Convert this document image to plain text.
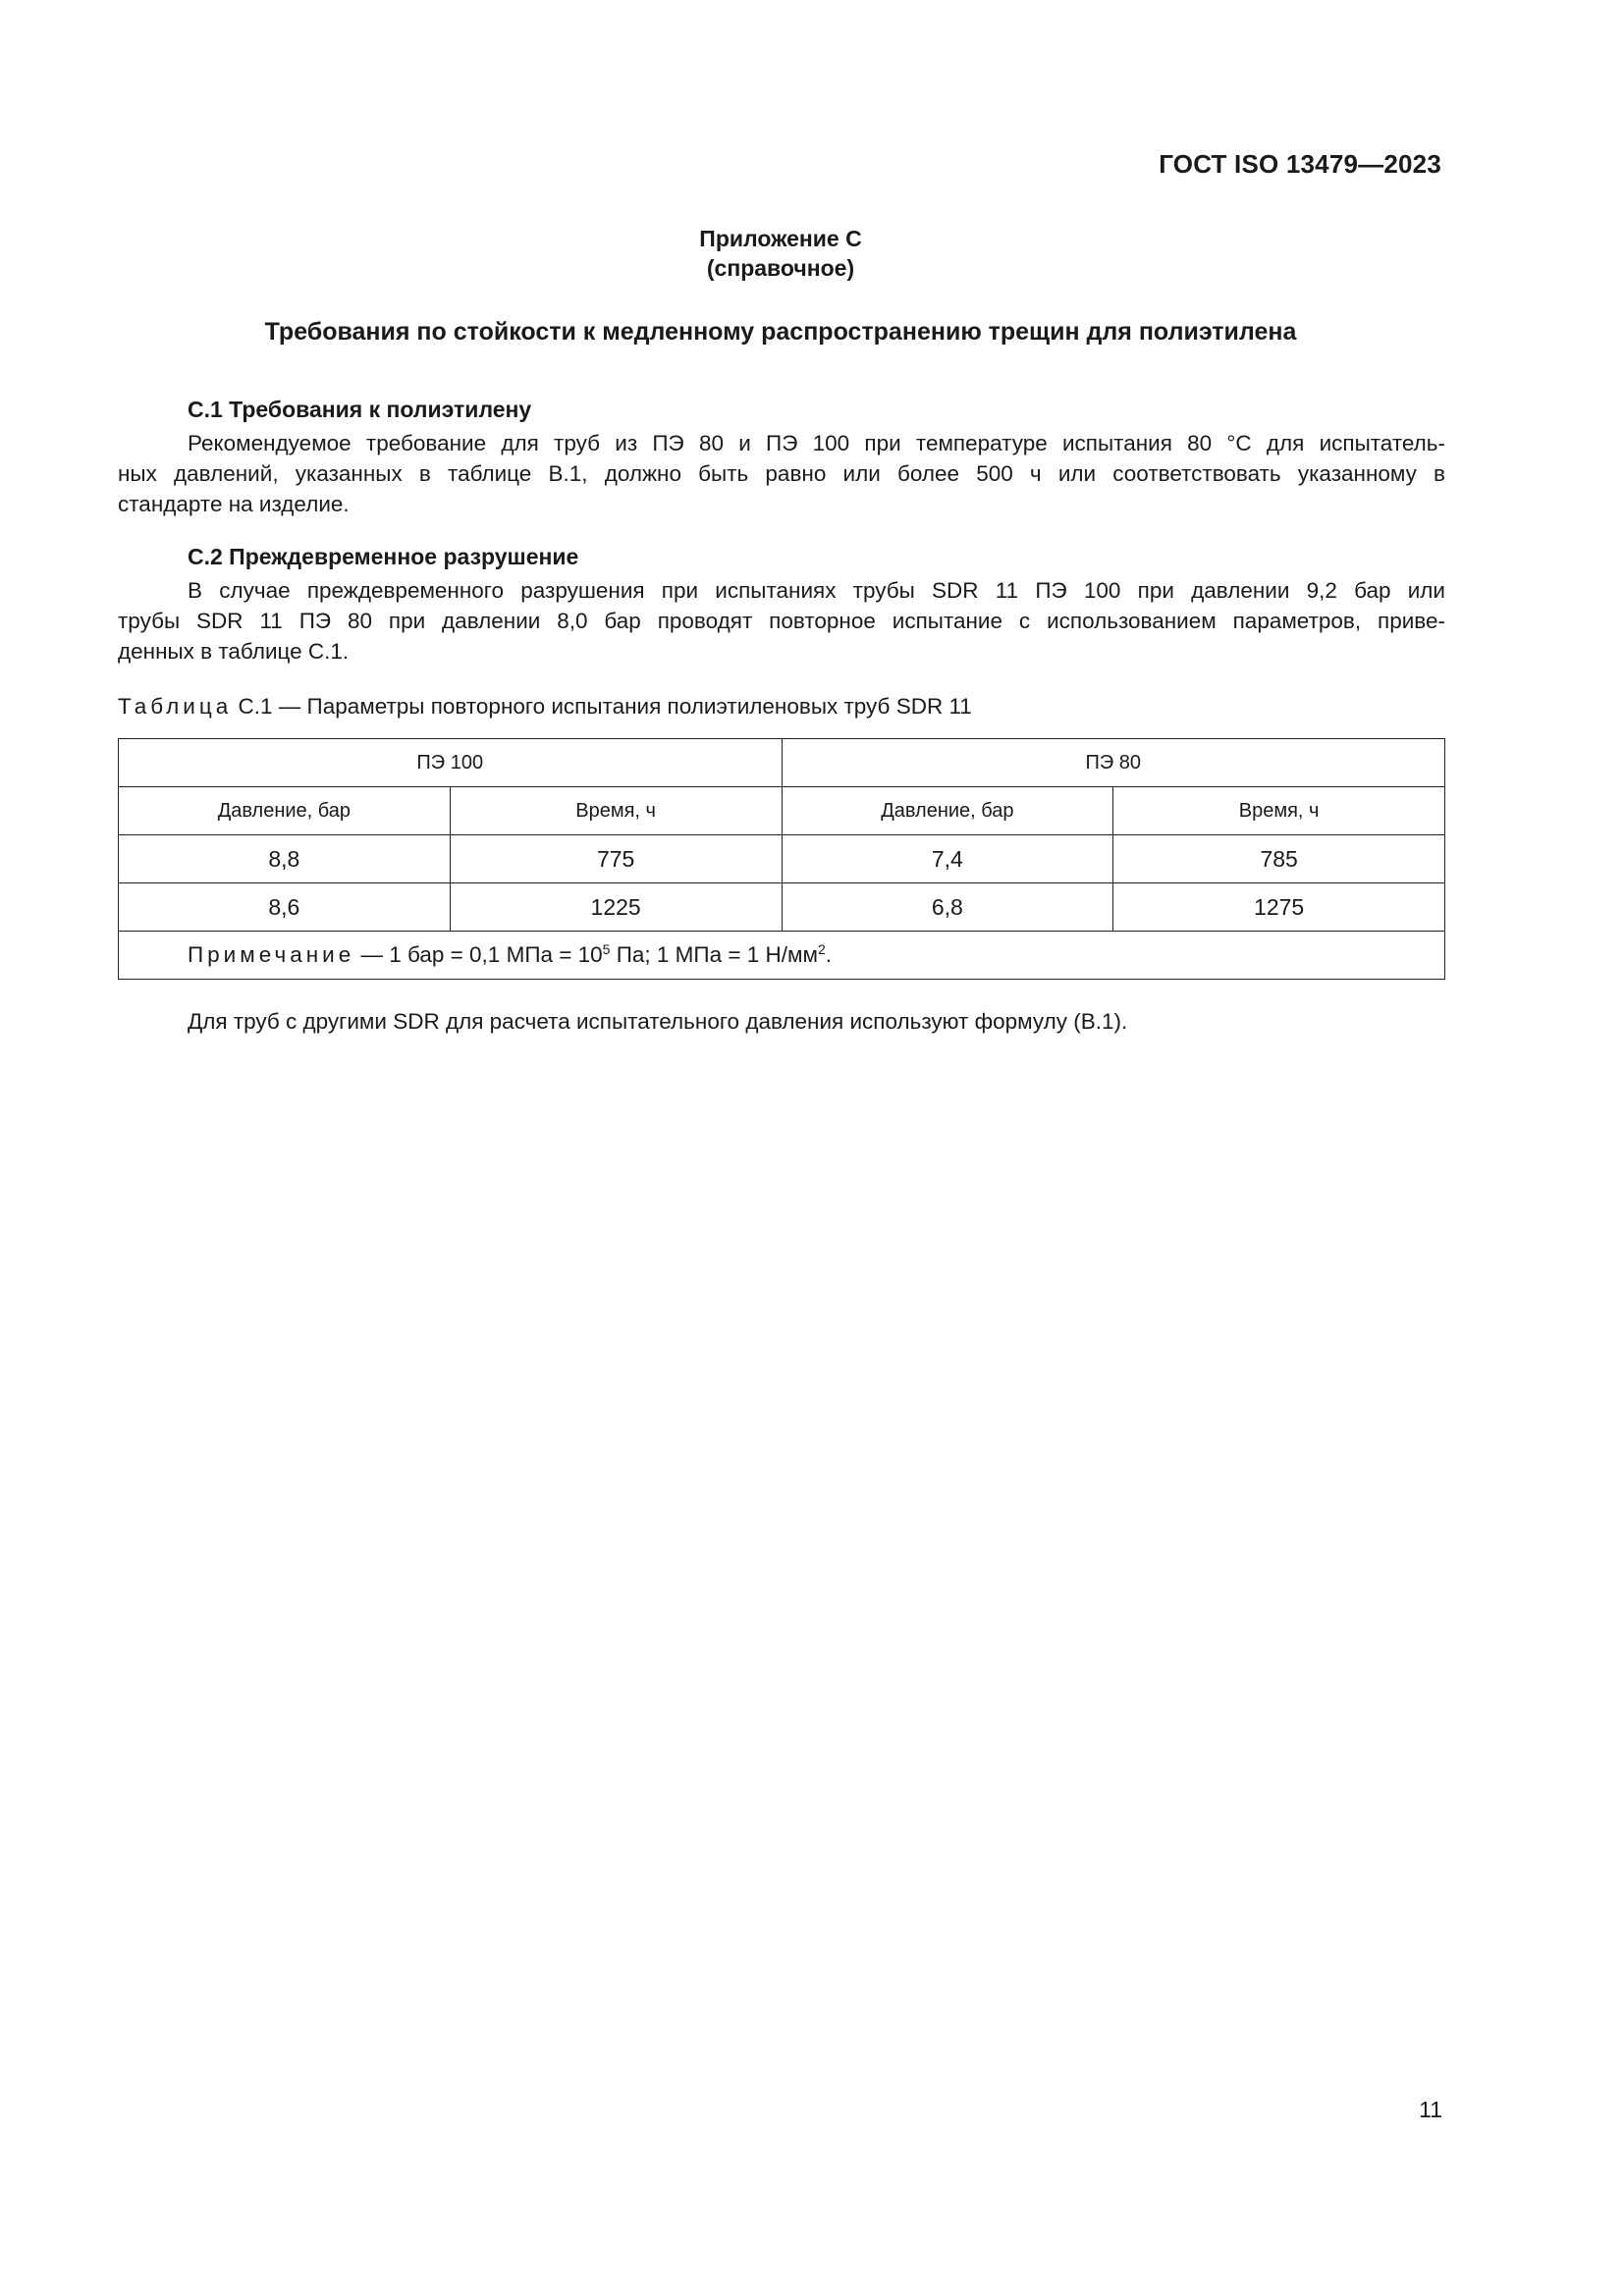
ГОСТ ISO 13479—2023
Приложение C
(справочное)
Требования по стойкости к медленному распространению трещин для полиэтилена
C.1 Требования к полиэтилену
Рекомендуемое требование для труб из ПЭ 80 и ПЭ 100 при температуре испытания 80 °C для испытатель-
ных давлений, указанных в таблице B.1, должно быть равно или более 500 ч или соответствовать указанному в
стандарте на изделие.
C.2 Преждевременное разрушение
В случае преждевременного разрушения при испытаниях трубы SDR 11 ПЭ 100 при давлении 9,2 бар или
трубы SDR 11 ПЭ 80 при давлении 8,0 бар проводят повторное испытание с использованием параметров, приве-
денных в таблице C.1.
Таблица C.1 — Параметры повторного испытания полиэтиленовых труб SDR 11
ПЭ 100		ПЭ 80	
Давление, бар	Время, ч	Давление, бар	Время, ч
8,8	775	7,4	785
8,6	1225	6,8	1275
Примечание — 1 бар = 0,1 МПа = $10^5$ Па; 1 МПа = 1 $Н/мм^2$.			
Для труб с другими SDR для расчета испытательного давления используют формулу (B.1).
11
